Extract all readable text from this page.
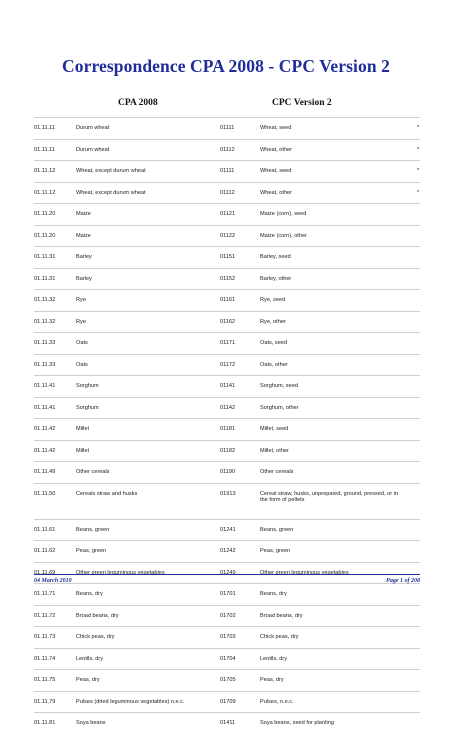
Correspondence CPA 2008 - CPC Version 2
CPA 2008	CPC Version 2
01.11.11	Durum wheat	01111	Wheat, seed	*
01.11.11	Durum wheat	01112	Wheat, other	*
01.11.12	Wheat, except durum wheat	01111	Wheat, seed	*
01.11.12	Wheat, except durum wheat	01112	Wheat, other	*
01.11.20	Maize	01121	Maize (corn), seed
01.11.20	Maize	01122	Maize (corn), other
01.11.31	Barley	01151	Barley, seed
01.11.31	Barley	01152	Barley, other
01.11.32	Rye	01161	Rye, seed
01.11.32	Rye	01162	Rye, other
01.11.33	Oats	01171	Oats, seed
01.11.33	Oats	01172	Oats, other
01.11.41	Sorghum	01141	Sorghum, seed
01.11.41	Sorghum	01142	Sorghum, other
01.11.42	Millet	01181	Millet, seed
01.11.42	Millet	01182	Millet, other
01.11.49	Other cereals	01190	Other cereals
01.11.50	Cereals straw and husks	01913	Cereal straw, husks, unprepared, ground, pressed, or in the form of pellets
01.11.61	Beans, green	01241	Beans, green
01.11.62	Peas, green	01242	Peas, green
01.11.69	Other green leguminous vegetables	01249	Other green leguminous vegetables
01.11.71	Beans, dry	01701	Beans, dry
01.11.72	Broad beans, dry	01702	Broad beans, dry
01.11.73	Chick peas, dry	01703	Chick peas, dry
01.11.74	Lentils, dry	01704	Lentils, dry
01.11.75	Peas, dry	01705	Peas, dry
01.11.79	Pulses (dried leguminous vegetables) n.e.c.	01709	Pulses, n.e.c.
01.11.81	Soya beans	01411	Soya beans, seed for planting
04 March 2010	Page 1 of 208
